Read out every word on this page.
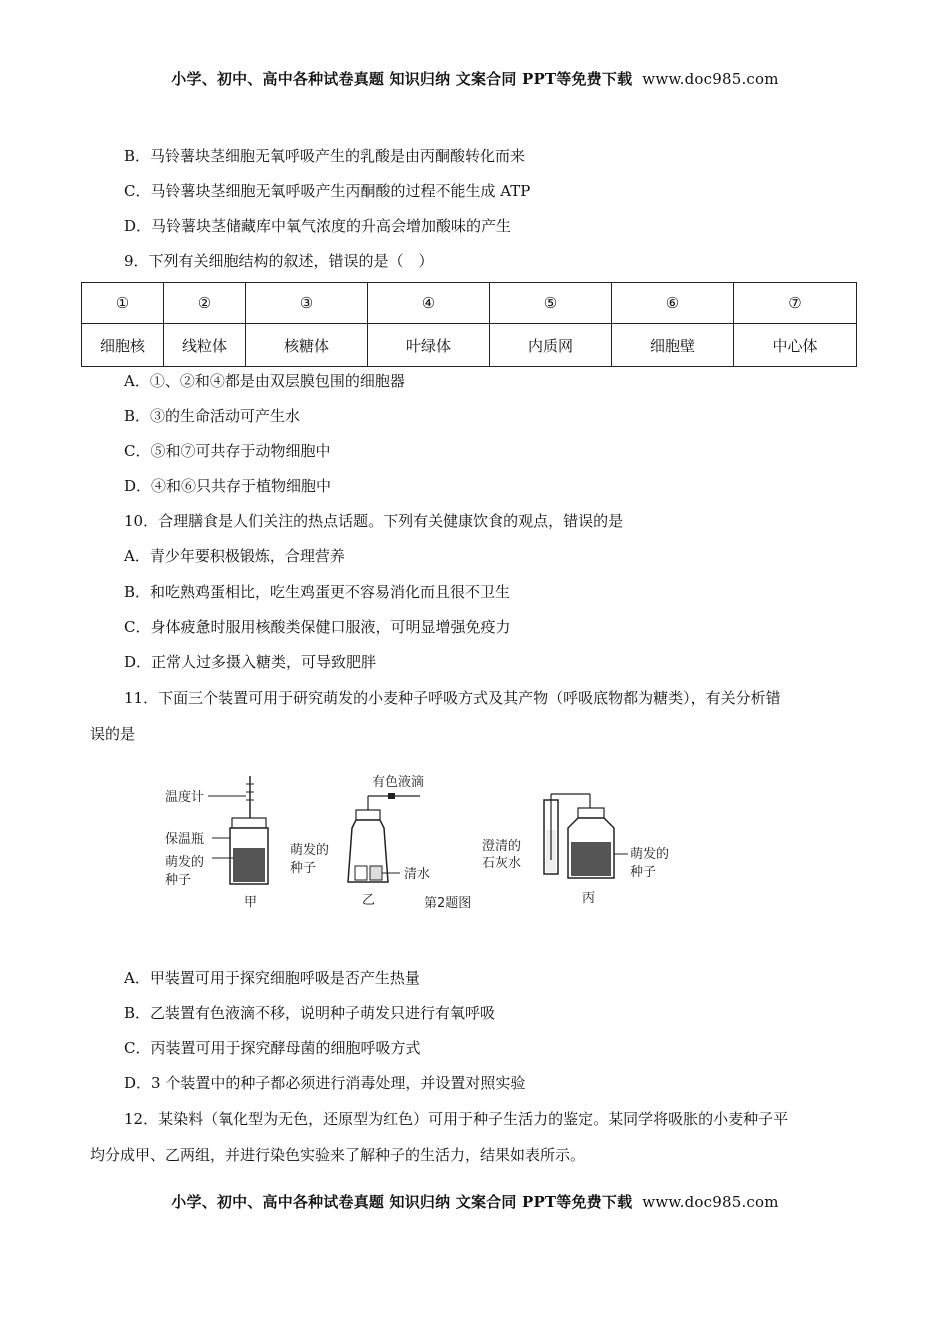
小学、初中、高中各种试卷真题 知识归纳 文案合同 PPT等免费下载 www.doc985.com
B．马铃薯块茎细胞无氧呼吸产生的乳酸是由丙酮酸转化而来
C．马铃薯块茎细胞无氧呼吸产生丙酮酸的过程不能生成 ATP
D．马铃薯块茎储藏库中氧气浓度的升高会增加酸味的产生
9．下列有关细胞结构的叙述，错误的是（　）
①	②	③	④	⑤	⑥	⑦
细胞核	线粒体	核糖体	叶绿体	内质网	细胞壁	中心体
A．①、②和④都是由双层膜包围的细胞器
B．③的生命活动可产生水
C．⑤和⑦可共存于动物细胞中
D．④和⑥只共存于植物细胞中
10．合理膳食是人们关注的热点话题。下列有关健康饮食的观点，错误的是
A．青少年要积极锻炼，合理营养
B．和吃熟鸡蛋相比，吃生鸡蛋更不容易消化而且很不卫生
C．身体疲惫时服用核酸类保健口服液，可明显增强免疫力
D．正常人过多摄入糖类，可导致肥胖
11．下面三个装置可用于研究萌发的小麦种子呼吸方式及其产物（呼吸底物都为糖类），有关分析错
误的是
温度计
保温瓶
萌发的
种子
甲
有色液滴
萌发的
种子	清水
乙	第2题图
澄清的
石灰水
萌发的
种子
丙
A．甲装置可用于探究细胞呼吸是否产生热量
B．乙装置有色液滴不移，说明种子萌发只进行有氧呼吸
C．丙装置可用于探究酵母菌的细胞呼吸方式
D．3 个装置中的种子都必须进行消毒处理，并设置对照实验
12．某染料（氧化型为无色，还原型为红色）可用于种子生活力的鉴定。某同学将吸胀的小麦种子平
均分成甲、乙两组，并进行染色实验来了解种子的生活力，结果如表所示。
小学、初中、高中各种试卷真题 知识归纳 文案合同 PPT等免费下载 www.doc985.com
